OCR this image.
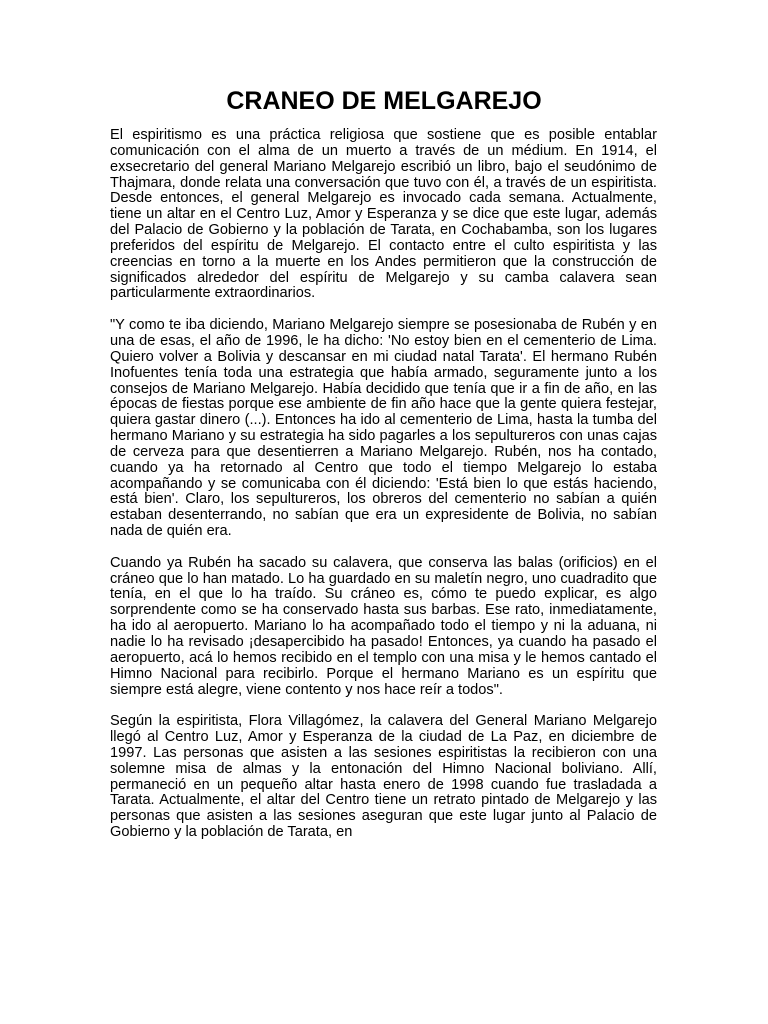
CRANEO DE MELGAREJO

El espiritismo es una práctica religiosa que sostiene que es posible entablar comunicación con el alma de un muerto a través de un médium. En 1914, el exsecretario del general Mariano Melgarejo escribió un libro, bajo el seudónimo de Thajmara, donde relata una conversación que tuvo con él, a través de un espiritista. Desde entonces, el general Melgarejo es invocado cada semana. Actualmente, tiene un altar en el Centro Luz, Amor y Esperanza y se dice que este lugar, además del Palacio de Gobierno y la población de Tarata, en Cochabamba, son los lugares preferidos del espíritu de Melgarejo. El contacto entre el culto espiritista y las creencias en torno a la muerte en los Andes permitieron que la construcción de significados alrededor del espíritu de Melgarejo y su camba calavera sean particularmente extraordinarios.

"Y como te iba diciendo, Mariano Melgarejo siempre se posesionaba de Rubén y en una de esas, el año de 1996, le ha dicho: 'No estoy bien en el cementerio de Lima. Quiero volver a Bolivia y descansar en mi ciudad natal Tarata'. El hermano Rubén Inofuentes tenía toda una estrategia que había armado, seguramente junto a los consejos de Mariano Melgarejo. Había decidido que tenía que ir a fin de año, en las épocas de fiestas porque ese ambiente de fin año hace que la gente quiera festejar, quiera gastar dinero (...). Entonces ha ido al cementerio de Lima, hasta la tumba del hermano Mariano y su estrategia ha sido pagarles a los sepultureros con unas cajas de cerveza para que desentierren a Mariano Melgarejo. Rubén, nos ha contado, cuando ya ha retornado al Centro que todo el tiempo Melgarejo lo estaba acompañando y se comunicaba con él diciendo: 'Está bien lo que estás haciendo, está bien'. Claro, los sepultureros, los obreros del cementerio no sabían a quién estaban desenterrando, no sabían que era un expresidente de Bolivia, no sabían nada de quién era.

Cuando ya Rubén ha sacado su calavera, que conserva las balas (orificios) en el cráneo que lo han matado. Lo ha guardado en su maletín negro, uno cuadradito que tenía, en el que lo ha traído. Su cráneo es, cómo te puedo explicar, es algo sorprendente como se ha conservado hasta sus barbas. Ese rato, inmediatamente, ha ido al aeropuerto. Mariano lo ha acompañado todo el tiempo y ni la aduana, ni nadie lo ha revisado ¡desapercibido ha pasado! Entonces, ya cuando ha pasado el aeropuerto, acá lo hemos recibido en el templo con una misa y le hemos cantado el Himno Nacional para recibirlo. Porque el hermano Mariano es un espíritu que siempre está alegre, viene contento y nos hace reír a todos".

Según la espiritista, Flora Villagómez, la calavera del General Mariano Melgarejo llegó al Centro Luz, Amor y Esperanza de la ciudad de La Paz, en diciembre de 1997. Las personas que asisten a las sesiones espiritistas la recibieron con una solemne misa de almas y la entonación del Himno Nacional boliviano. Allí, permaneció en un pequeño altar hasta enero de 1998 cuando fue trasladada a Tarata. Actualmente, el altar del Centro tiene un retrato pintado de Melgarejo y las personas que asisten a las sesiones aseguran que este lugar junto al Palacio de Gobierno y la población de Tarata, en
